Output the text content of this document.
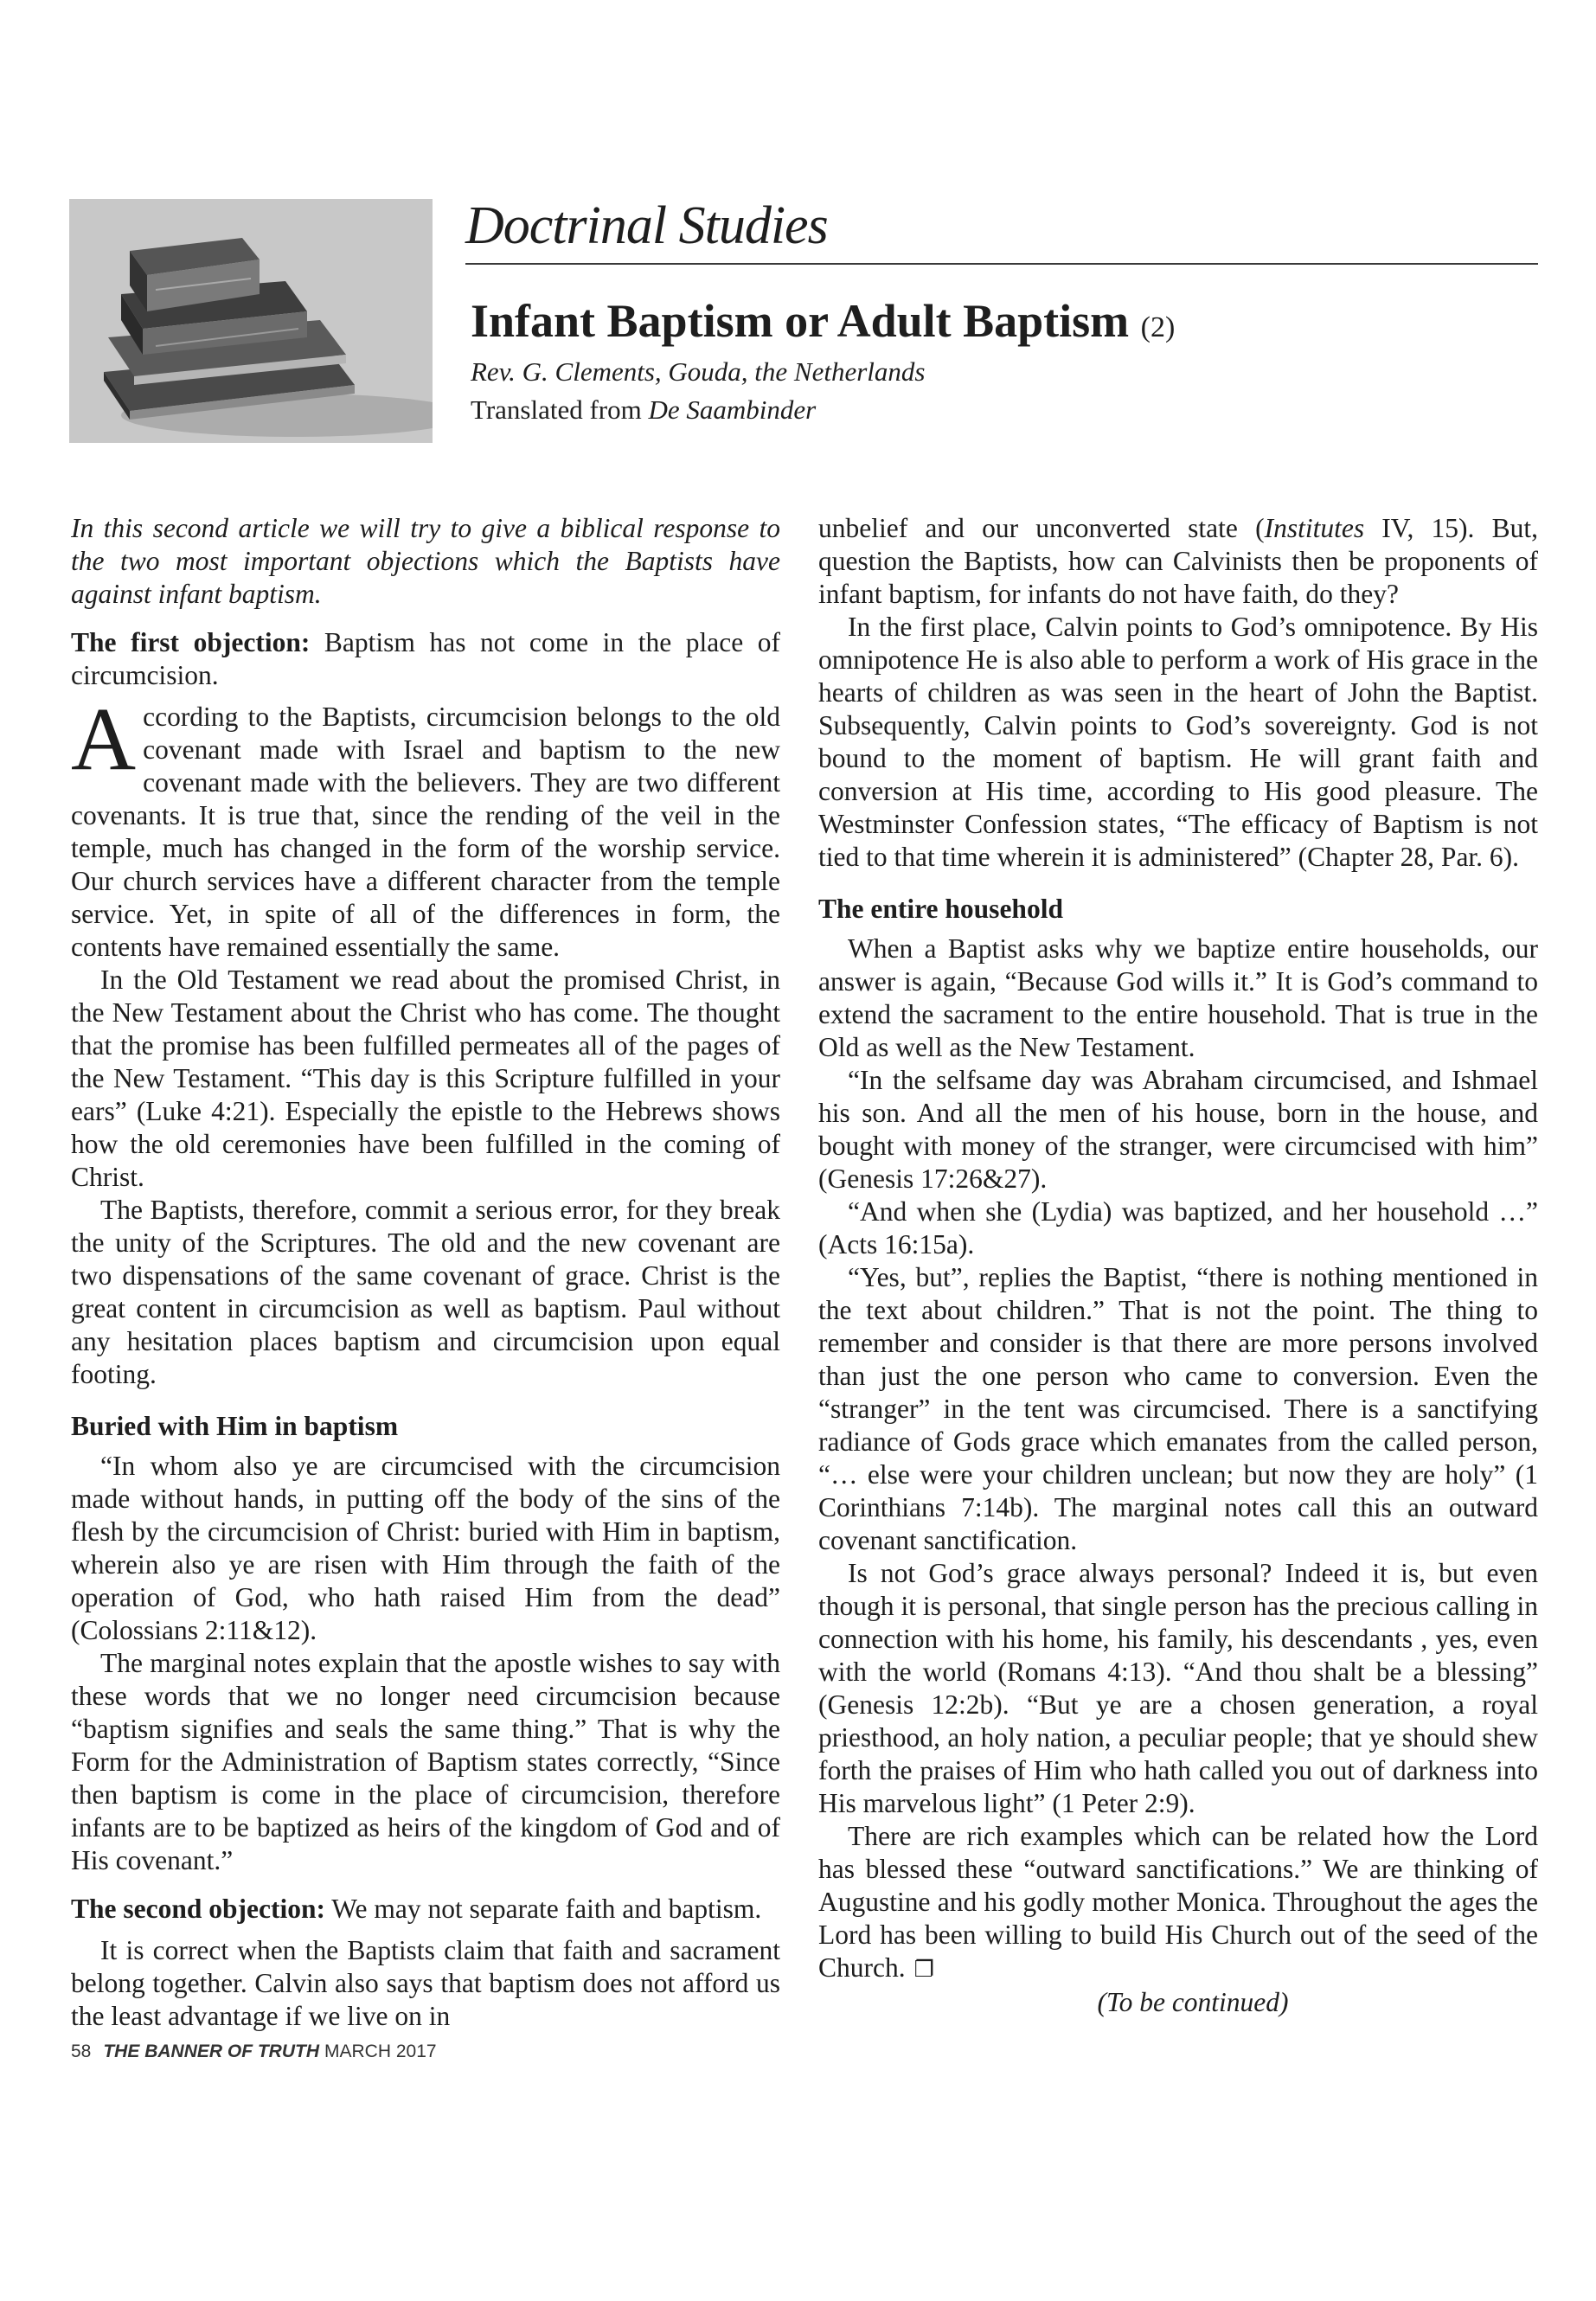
Doctrinal Studies
Infant Baptism or Adult Baptism (2)
Rev. G. Clements, Gouda, the Netherlands
Translated from De Saambinder

In this second article we will try to give a biblical response to the two most important objections which the Baptists have against infant baptism.

The first objection: Baptism has not come in the place of circumcision.

According to the Baptists, circumcision belongs to the old covenant made with Israel and baptism to the new covenant made with the believers. They are two different covenants. It is true that, since the rending of the veil in the temple, much has changed in the form of the worship service. Our church services have a different character from the temple service. Yet, in spite of all of the differences in form, the contents have remained essentially the same.

In the Old Testament we read about the promised Christ, in the New Testament about the Christ who has come. The thought that the promise has been fulfilled permeates all of the pages of the New Testament. “This day is this Scripture fulfilled in your ears” (Luke 4:21). Especially the epistle to the Hebrews shows how the old ceremonies have been fulfilled in the coming of Christ.

The Baptists, therefore, commit a serious error, for they break the unity of the Scriptures. The old and the new covenant are two dispensations of the same covenant of grace. Christ is the great content in circumcision as well as baptism. Paul without any hesitation places baptism and circumcision upon equal footing.

Buried with Him in baptism

“In whom also ye are circumcised with the circumcision made without hands, in putting off the body of the sins of the flesh by the circumcision of Christ: buried with Him in baptism, wherein also ye are risen with Him through the faith of the operation of God, who hath raised Him from the dead” (Colossians 2:11&12).

The marginal notes explain that the apostle wishes to say with these words that we no longer need circumcision because “baptism signifies and seals the same thing.” That is why the Form for the Administration of Baptism states correctly, “Since then baptism is come in the place of circumcision, therefore infants are to be baptized as heirs of the kingdom of God and of His covenant.”

The second objection: We may not separate faith and baptism.

It is correct when the Baptists claim that faith and sacrament belong together. Calvin also says that baptism does not afford us the least advantage if we live on in

unbelief and our unconverted state (Institutes IV, 15). But, question the Baptists, how can Calvinists then be proponents of infant baptism, for infants do not have faith, do they?

In the first place, Calvin points to God’s omnipotence. By His omnipotence He is also able to perform a work of His grace in the hearts of children as was seen in the heart of John the Baptist. Subsequently, Calvin points to God’s sovereignty. God is not bound to the moment of baptism. He will grant faith and conversion at His time, according to His good pleasure. The Westminster Confession states, “The efficacy of Baptism is not tied to that time wherein it is administered” (Chapter 28, Par. 6).

The entire household

When a Baptist asks why we baptize entire households, our answer is again, “Because God wills it.” It is God’s command to extend the sacrament to the entire household. That is true in the Old as well as the New Testament.

“In the selfsame day was Abraham circumcised, and Ishmael his son. And all the men of his house, born in the house, and bought with money of the stranger, were circumcised with him” (Genesis 17:26&27).

“And when she (Lydia) was baptized, and her household …” (Acts 16:15a).

“Yes, but”, replies the Baptist, “there is nothing mentioned in the text about children.” That is not the point. The thing to remember and consider is that there are more persons involved than just the one person who came to conversion. Even the “stranger” in the tent was circumcised. There is a sanctifying radiance of Gods grace which emanates from the called person, “… else were your children unclean; but now they are holy” (1 Corinthians 7:14b). The marginal notes call this an outward covenant sanctification.

Is not God’s grace always personal? Indeed it is, but even though it is personal, that single person has the precious calling in connection with his home, his family, his descendants , yes, even with the world (Romans 4:13). “And thou shalt be a blessing” (Genesis 12:2b). “But ye are a chosen generation, a royal priesthood, an holy nation, a peculiar people; that ye should shew forth the praises of Him who hath called you out of darkness into His marvelous light” (1 Peter 2:9).

There are rich examples which can be related how the Lord has blessed these “outward sanctifications.” We are thinking of Augustine and his godly mother Monica. Throughout the ages the Lord has been willing to build His Church out of the seed of the Church. ❐

(To be continued)

58 THE BANNER OF TRUTH MARCH 2017
